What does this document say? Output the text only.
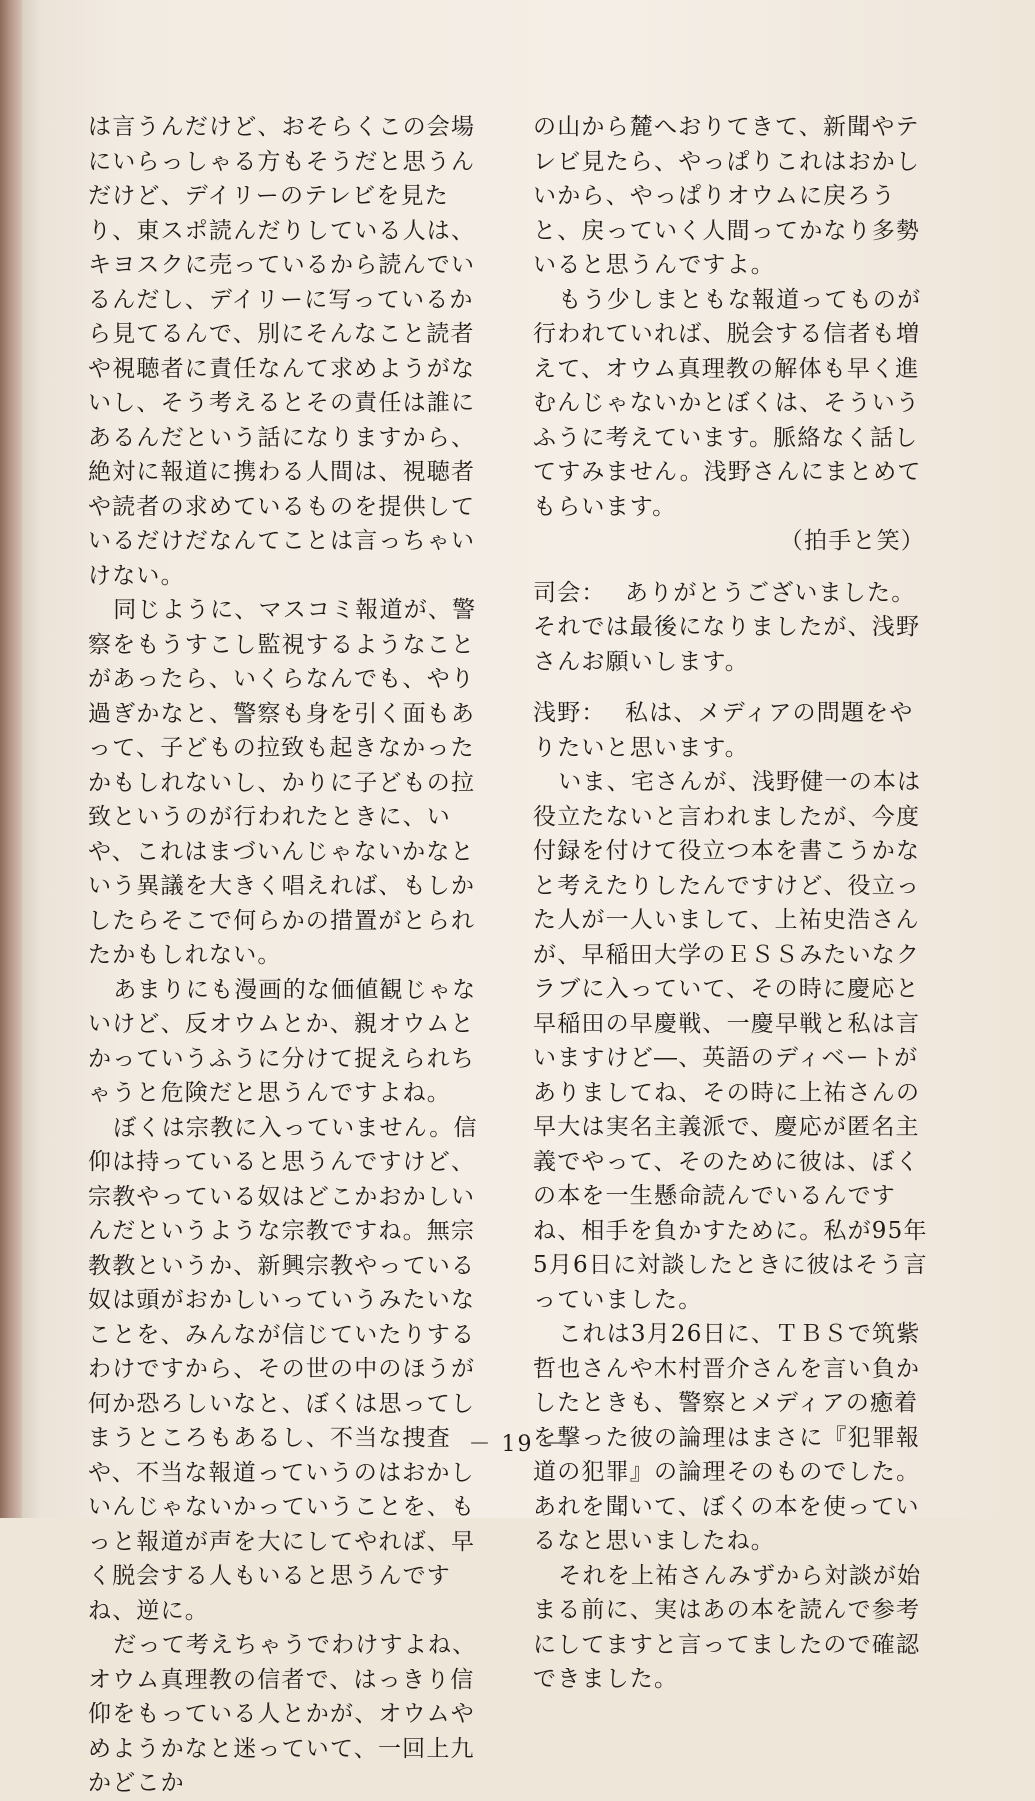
は言うんだけど、おそらくこの会場にいらっしゃる方もそうだと思うんだけど、デイリーのテレビを見たり、東スポ読んだりしている人は、キヨスクに売っているから読んでいるんだし、デイリーに写っているから見てるんで、別にそんなこと読者や視聴者に責任なんて求めようがないし、そう考えるとその責任は誰にあるんだという話になりますから、絶対に報道に携わる人間は、視聴者や読者の求めているものを提供しているだけだなんてことは言っちゃいけない。

同じように、マスコミ報道が、警察をもうすこし監視するようなことがあったら、いくらなんでも、やり過ぎかなと、警察も身を引く面もあって、子どもの拉致も起きなかったかもしれないし、かりに子どもの拉致というのが行われたときに、いや、これはまづいんじゃないかなという異議を大きく唱えれば、もしかしたらそこで何らかの措置がとられたかもしれない。

あまりにも漫画的な価値観じゃないけど、反オウムとか、親オウムとかっていうふうに分けて捉えられちゃうと危険だと思うんですよね。

ぼくは宗教に入っていません。信仰は持っていると思うんですけど、宗教やっている奴はどこかおかしいんだというような宗教ですね。無宗教教というか、新興宗教やっている奴は頭がおかしいっていうみたいなことを、みんなが信じていたりするわけですから、その世の中のほうが何か恐ろしいなと、ぼくは思ってしまうところもあるし、不当な捜査や、不当な報道っていうのはおかしいんじゃないかっていうことを、もっと報道が声を大にしてやれば、早く脱会する人もいると思うんですね、逆に。

だって考えちゃうでわけすよね、オウム真理教の信者で、はっきり信仰をもっている人とかが、オウムやめようかなと迷っていて、一回上九かどこか

の山から麓へおりてきて、新聞やテレビ見たら、やっぱりこれはおかしいから、やっぱりオウムに戻ろうと、戻っていく人間ってかなり多勢いると思うんですよ。

もう少しまともな報道ってものが行われていれば、脱会する信者も増えて、オウム真理教の解体も早く進むんじゃないかとぼくは、そういうふうに考えています。脈絡なく話してすみません。浅野さんにまとめてもらいます。

（拍手と笑）

司会： ありがとうございました。

それでは最後になりましたが、浅野さんお願いします。

浅野： 私は、メディアの問題をやりたいと思います。

いま、宅さんが、浅野健一の本は役立たないと言われましたが、今度付録を付けて役立つ本を書こうかなと考えたりしたんですけど、役立った人が一人いまして、上祐史浩さんが、早稲田大学のＥＳＳみたいなクラブに入っていて、その時に慶応と早稲田の早慶戦、一慶早戦と私は言いますけど―、英語のディベートがありましてね、その時に上祐さんの早大は実名主義派で、慶応が匿名主義でやって、そのために彼は、ぼくの本を一生懸命読んでいるんですね、相手を負かすために。私が95年5月6日に対談したときに彼はそう言っていました。

これは3月26日に、ＴＢＳで筑紫哲也さんや木村晋介さんを言い負かしたときも、警察とメディアの癒着を撃った彼の論理はまさに『犯罪報道の犯罪』の論理そのものでした。あれを聞いて、ぼくの本を使っているなと思いましたね。

それを上祐さんみずから対談が始まる前に、実はあの本を読んで参考にしてますと言ってましたので確認できました。

－ 19 －
